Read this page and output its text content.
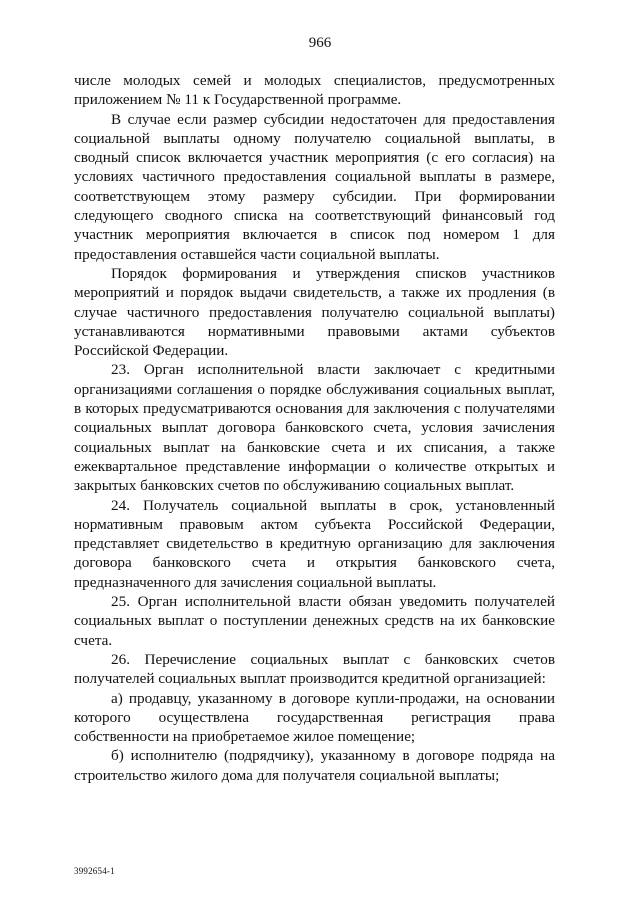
966

числе молодых семей и молодых специалистов, предусмотренных приложением № 11 к Государственной программе.

В случае если размер субсидии недостаточен для предоставления социальной выплаты одному получателю социальной выплаты, в сводный список включается участник мероприятия (с его согласия) на условиях частичного предоставления социальной выплаты в размере, соответствующем этому размеру субсидии. При формировании следующего сводного списка на соответствующий финансовый год участник мероприятия включается в список под номером 1 для предоставления оставшейся части социальной выплаты.

Порядок формирования и утверждения списков участников мероприятий и порядок выдачи свидетельств, а также их продления (в случае частичного предоставления получателю социальной выплаты) устанавливаются нормативными правовыми актами субъектов Российской Федерации.

23. Орган исполнительной власти заключает с кредитными организациями соглашения о порядке обслуживания социальных выплат, в которых предусматриваются основания для заключения с получателями социальных выплат договора банковского счета, условия зачисления социальных выплат на банковские счета и их списания, а также ежеквартальное представление информации о количестве открытых и закрытых банковских счетов по обслуживанию социальных выплат.

24. Получатель социальной выплаты в срок, установленный нормативным правовым актом субъекта Российской Федерации, представляет свидетельство в кредитную организацию для заключения договора банковского счета и открытия банковского счета, предназначенного для зачисления социальной выплаты.

25. Орган исполнительной власти обязан уведомить получателей социальных выплат о поступлении денежных средств на их банковские счета.

26. Перечисление социальных выплат с банковских счетов получателей социальных выплат производится кредитной организацией:

а) продавцу, указанному в договоре купли-продажи, на основании которого осуществлена государственная регистрация права собственности на приобретаемое жилое помещение;

б) исполнителю (подрядчику), указанному в договоре подряда на строительство жилого дома для получателя социальной выплаты;

3992654-1
